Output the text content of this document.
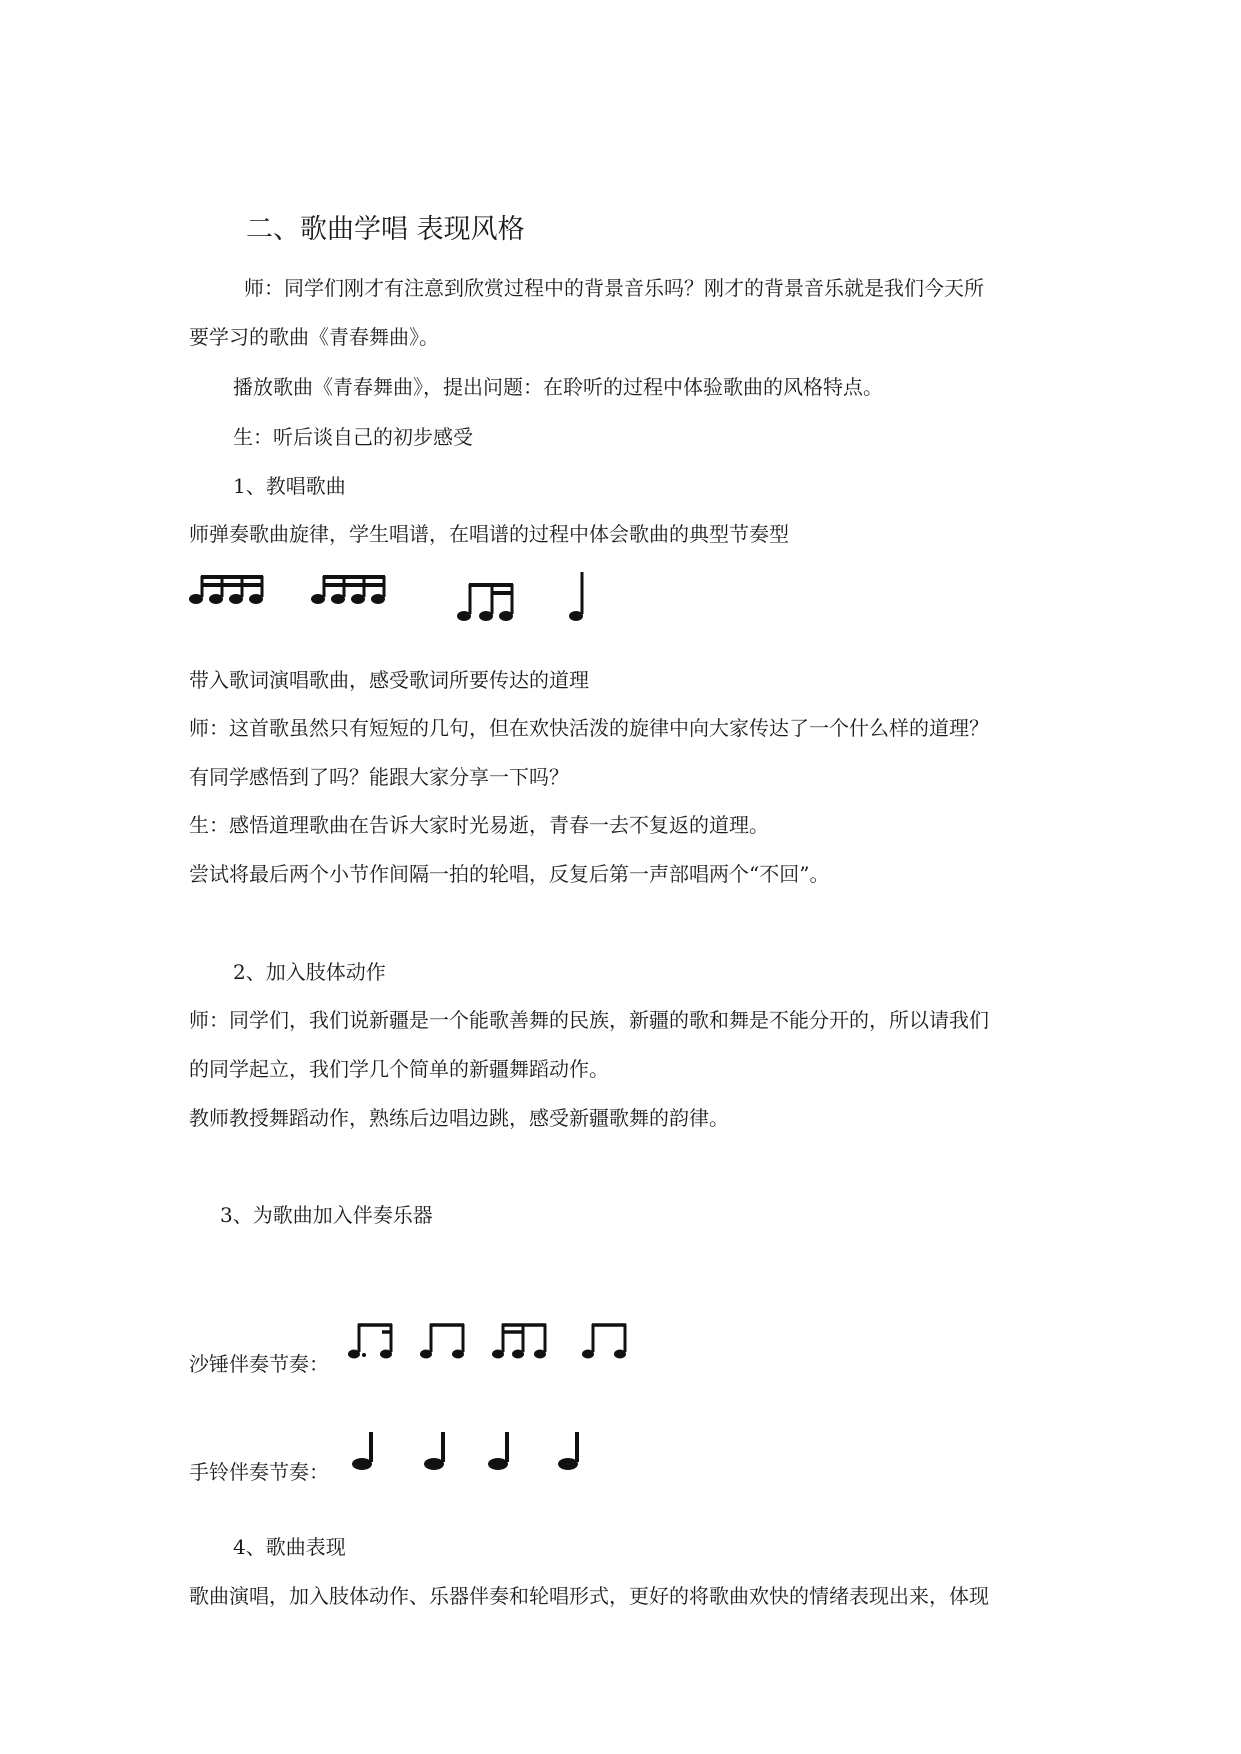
二、歌曲学唱 表现风格
师：同学们刚才有注意到欣赏过程中的背景音乐吗？刚才的背景音乐就是我们今天所
要学习的歌曲《青春舞曲》。
播放歌曲《青春舞曲》，提出问题：在聆听的过程中体验歌曲的风格特点。
生：听后谈自己的初步感受
1、教唱歌曲
师弹奏歌曲旋律，学生唱谱，在唱谱的过程中体会歌曲的典型节奏型
带入歌词演唱歌曲，感受歌词所要传达的道理
师：这首歌虽然只有短短的几句，但在欢快活泼的旋律中向大家传达了一个什么样的道理？
有同学感悟到了吗？能跟大家分享一下吗？
生：感悟道理歌曲在告诉大家时光易逝，青春一去不复返的道理。
尝试将最后两个小节作间隔一拍的轮唱，反复后第一声部唱两个“不回”。
2、加入肢体动作
师：同学们，我们说新疆是一个能歌善舞的民族，新疆的歌和舞是不能分开的，所以请我们
的同学起立，我们学几个简单的新疆舞蹈动作。
教师教授舞蹈动作，熟练后边唱边跳，感受新疆歌舞的韵律。
3、为歌曲加入伴奏乐器
沙锤伴奏节奏：
手铃伴奏节奏：
4、歌曲表现
歌曲演唱，加入肢体动作、乐器伴奏和轮唱形式，更好的将歌曲欢快的情绪表现出来，体现
